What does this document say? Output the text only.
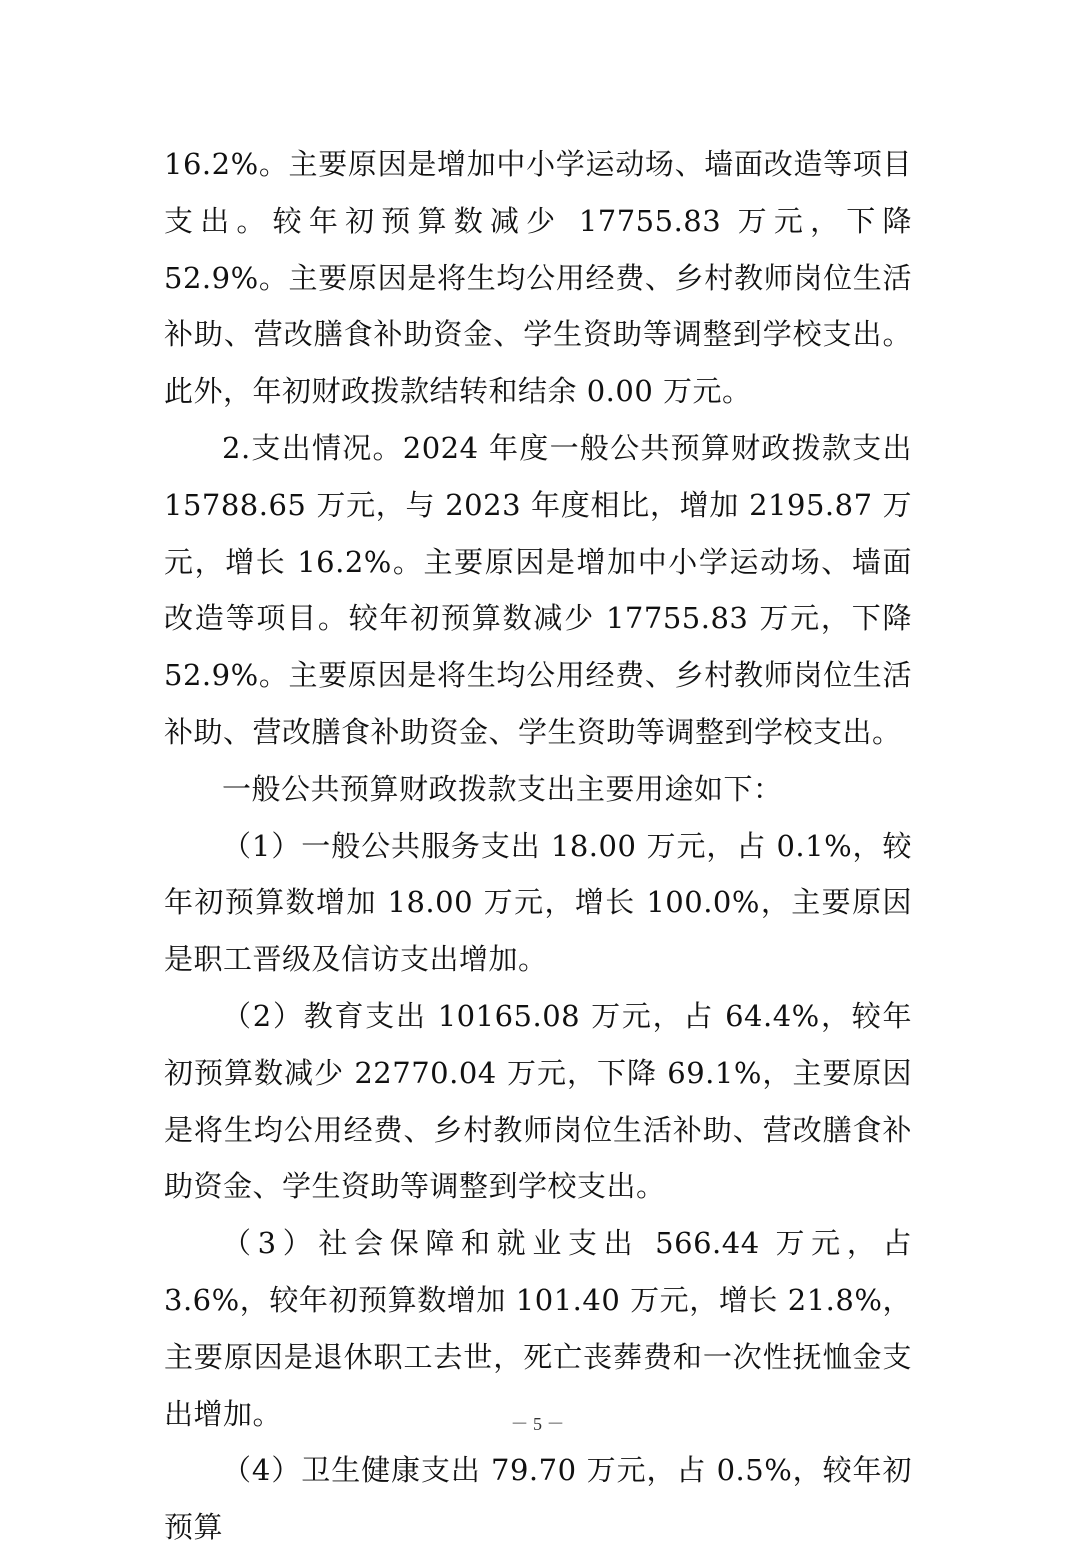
16.2%。主要原因是增加中小学运动场、墙面改造等项目支出。较年初预算数减少 17755.83 万元，下降 52.9%。主要原因是将生均公用经费、乡村教师岗位生活补助、营改膳食补助资金、学生资助等调整到学校支出。此外，年初财政拨款结转和结余 0.00 万元。

2.支出情况。2024 年度一般公共预算财政拨款支出 15788.65 万元，与 2023 年度相比，增加 2195.87 万元，增长 16.2%。主要原因是增加中小学运动场、墙面改造等项目。较年初预算数减少 17755.83 万元，下降 52.9%。主要原因是将生均公用经费、乡村教师岗位生活补助、营改膳食补助资金、学生资助等调整到学校支出。

一般公共预算财政拨款支出主要用途如下：

（1）一般公共服务支出 18.00 万元，占 0.1%，较年初预算数增加 18.00 万元，增长 100.0%，主要原因是职工晋级及信访支出增加。

（2）教育支出 10165.08 万元，占 64.4%，较年初预算数减少 22770.04 万元，下降 69.1%，主要原因是将生均公用经费、乡村教师岗位生活补助、营改膳食补助资金、学生资助等调整到学校支出。

（3）社会保障和就业支出 566.44 万元，占 3.6%，较年初预算数增加 101.40 万元，增长 21.8%，主要原因是退休职工去世，死亡丧葬费和一次性抚恤金支出增加。

（4）卫生健康支出 79.70 万元，占 0.5%，较年初预算

－ 5 －
